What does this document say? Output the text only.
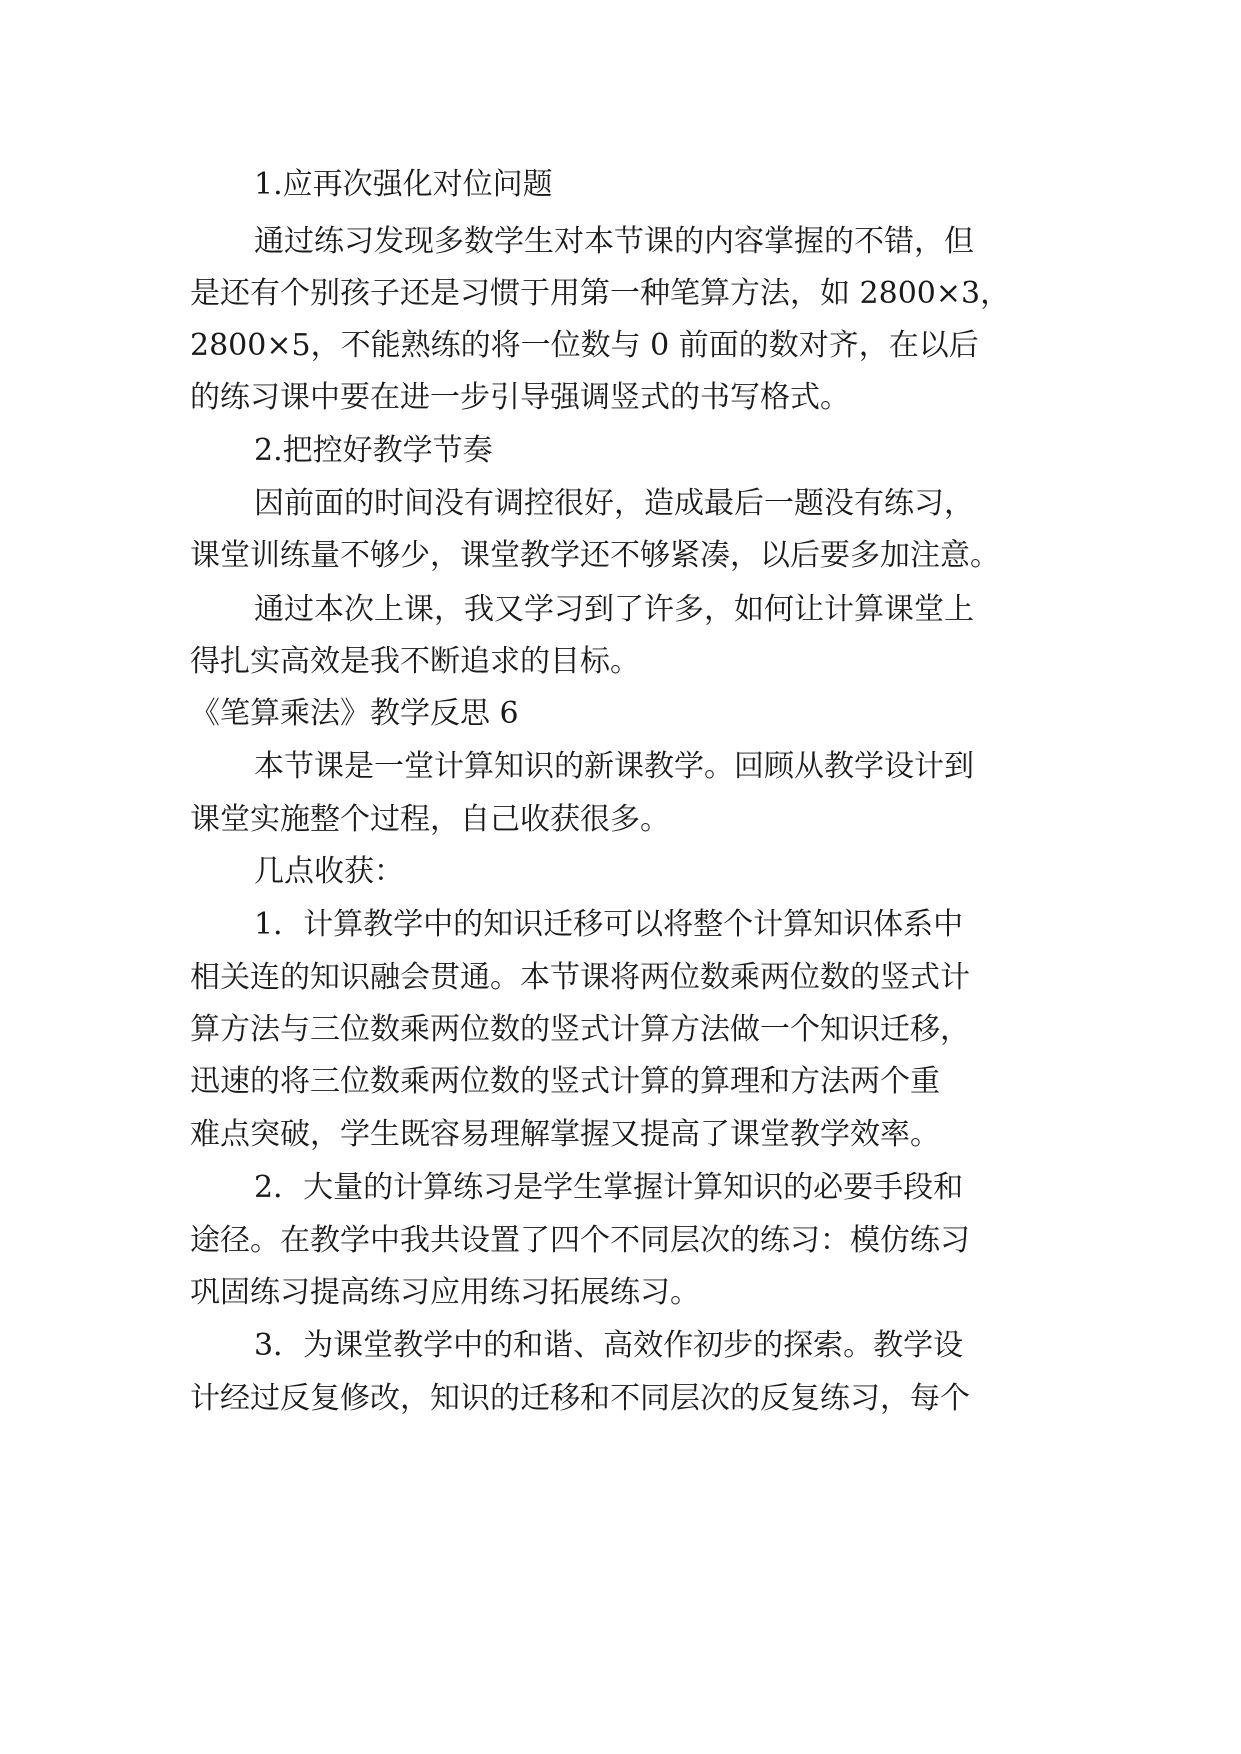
1.应再次强化对位问题

通过练习发现多数学生对本节课的内容掌握的不错，但

是还有个别孩子还是习惯于用第一种笔算方法，如 2800×3，

2800×5，不能熟练的将一位数与 0 前面的数对齐，在以后

的练习课中要在进一步引导强调竖式的书写格式。

2.把控好教学节奏

因前面的时间没有调控很好，造成最后一题没有练习，

课堂训练量不够少，课堂教学还不够紧凑，以后要多加注意。

通过本次上课，我又学习到了许多，如何让计算课堂上

得扎实高效是我不断追求的目标。

《笔算乘法》教学反思 6

本节课是一堂计算知识的新课教学。回顾从教学设计到

课堂实施整个过程，自己收获很多。

几点收获：

1．计算教学中的知识迁移可以将整个计算知识体系中

相关连的知识融会贯通。本节课将两位数乘两位数的竖式计

算方法与三位数乘两位数的竖式计算方法做一个知识迁移，

迅速的将三位数乘两位数的竖式计算的算理和方法两个重

难点突破，学生既容易理解掌握又提高了课堂教学效率。

2．大量的计算练习是学生掌握计算知识的必要手段和

途径。在教学中我共设置了四个不同层次的练习：模仿练习

巩固练习提高练习应用练习拓展练习。

3．为课堂教学中的和谐、高效作初步的探索。教学设

计经过反复修改，知识的迁移和不同层次的反复练习，每个
